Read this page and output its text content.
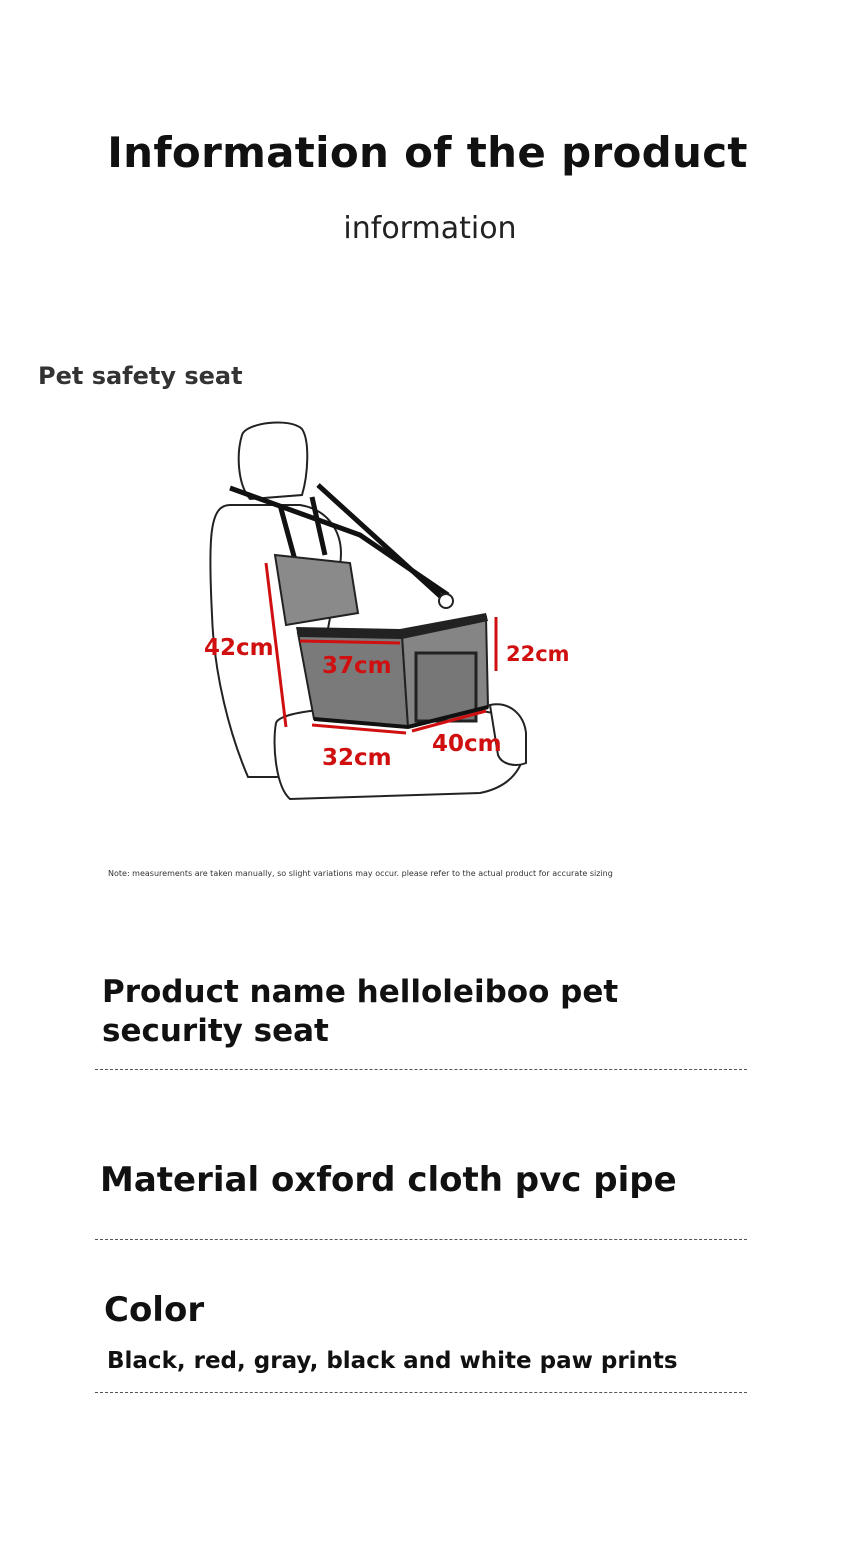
Information of the product
information
Pet safety seat
42cm
37cm	22cm
32cm
40cm
Note: measurements are taken manually, so slight variations may occur. please refer to the actual product for accurate sizing
Product name helloleiboo pet security seat
Material oxford cloth pvc pipe
Color
Black, red, gray, black and white paw prints
